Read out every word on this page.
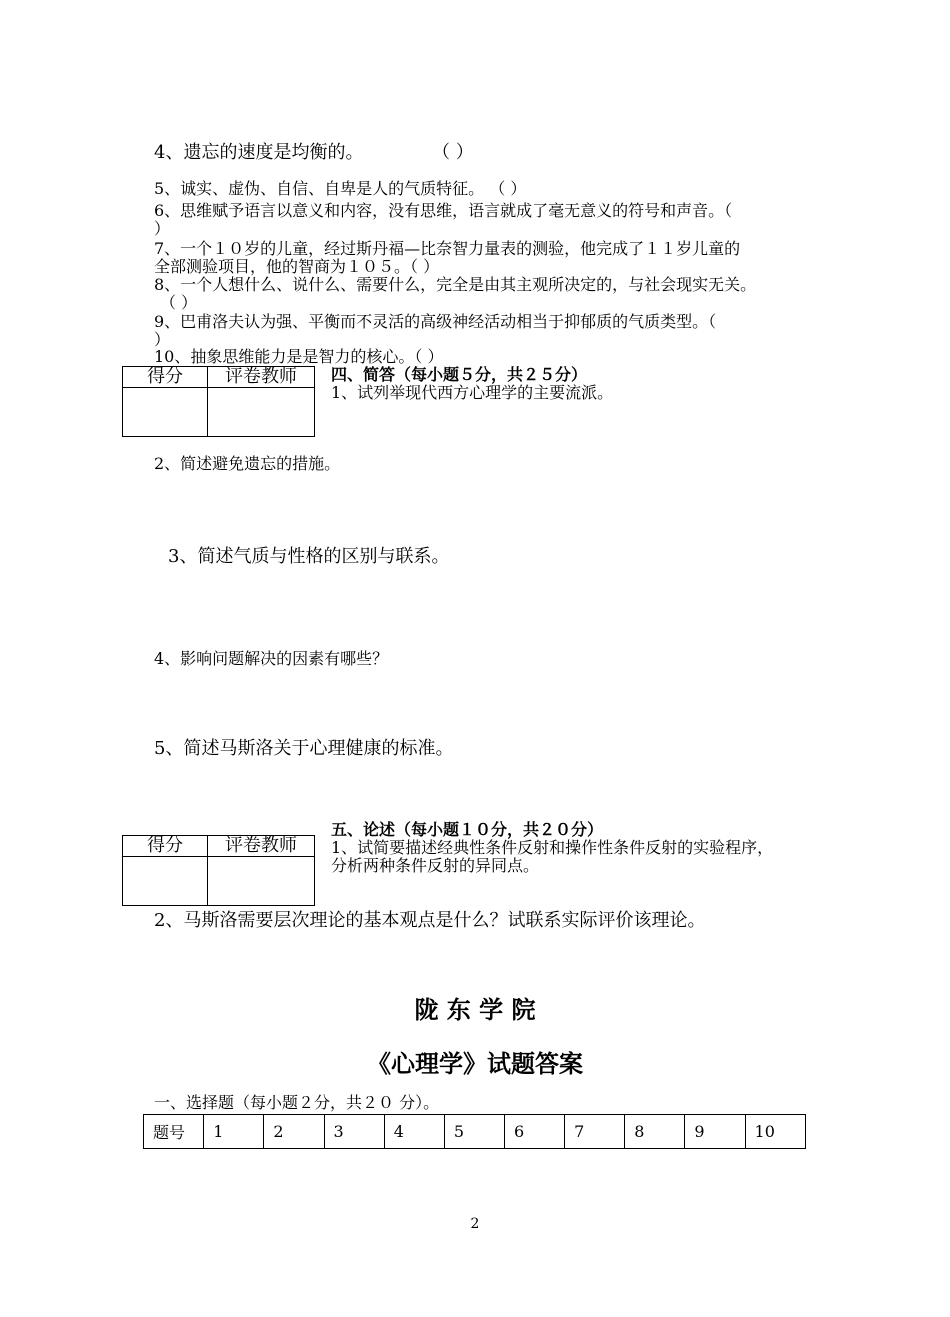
4、遗忘的速度是均衡的。	（ ）
5、诚实、虚伪、自信、自卑是人的气质特征。 （ ）
6、思维赋予语言以意义和内容，没有思维，语言就成了毫无意义的符号和声音。（
）
7、一个１０岁的儿童，经过斯丹福—比奈智力量表的测验，他完成了１１岁儿童的
全部测验项目，他的智商为１０５。（ ）
8、一个人想什么、说什么、需要什么，完全是由其主观所决定的，与社会现实无关。
（ ）
9、巴甫洛夫认为强、平衡而不灵活的高级神经活动相当于抑郁质的气质类型。（
）
10、抽象思维能力是是智力的核心。（ ）
得分	评卷教师
	四、简答（每小题５分，共２５分）
1、试列举现代西方心理学的主要流派。
2、简述避免遗忘的措施。
3、简述气质与性格的区别与联系。
4、影响问题解决的因素有哪些？
5、简述马斯洛关于心理健康的标准。
五、论述（每小题１０分，共２０分）
得分	评卷教师
	1、试简要描述经典性条件反射和操作性条件反射的实验程序，
分析两种条件反射的异同点。
2、马斯洛需要层次理论的基本观点是什么？试联系实际评价该理论。
陇 东 学 院
《心理学》试题答案
一、选择题（每小题２分，共２０ 分）。
题号	1	2	3	4	5	6	7	8	9	10
2
